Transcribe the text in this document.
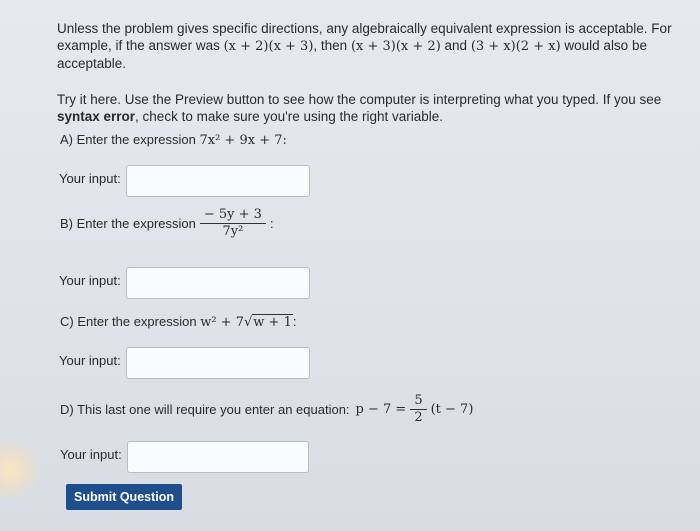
Unless the problem gives specific directions, any algebraically equivalent expression is acceptable. For
example, if the answer was (x + 2)(x + 3), then (x + 3)(x + 2) and (3 + x)(2 + x) would also be
acceptable.
Try it here. Use the Preview button to see how the computer is interpreting what you typed. If you see
syntax error, check to make sure you're using the right variable.
A) Enter the expression 7x² + 9x + 7:
Your input:
B) Enter the expression $\frac{- 5y + 3}{\text{7y²}}$ :
Your input:
C) Enter the expression w² + 7√w + 1:
Your input:
D) This last one will require you enter an equation: $p - 7 = \frac{5}{2} (t - 7)$
Your input:
Submit Question
